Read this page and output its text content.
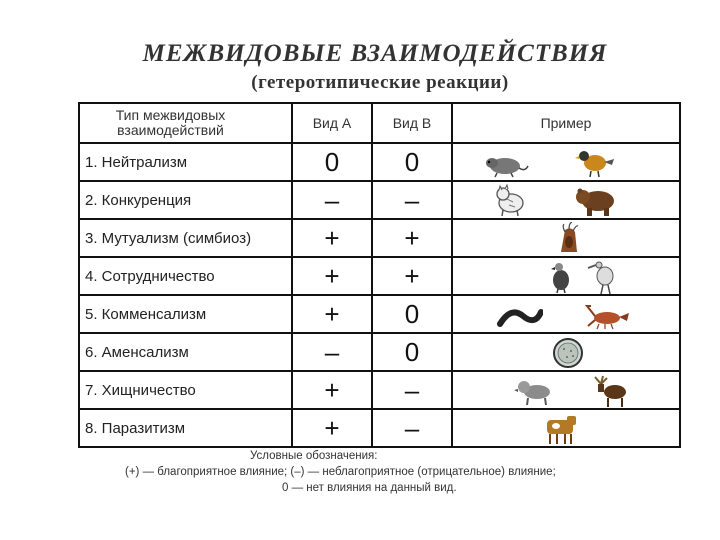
МЕЖВИДОВЫЕ ВЗАИМОДЕЙСТВИЯ
(гетеротипические реакции)
Тип межвидовых
взаимодействий	Вид А	Вид В	Пример
1. Нейтрализм	0	0	

2. Конкуренция	–	–	

3. Мутуализм (симбиоз)	+	+	

4. Сотрудничество	+	+	

5. Комменсализм	+	0	

6. Аменсализм	–	0	

7. Хищничество	+	–	

8. Паразитизм	+	–	
Условные обозначения:
(+) — благоприятное влияние; (–) — неблагоприятное (отрицательное) влияние;
0 — нет влияния на данный вид.
